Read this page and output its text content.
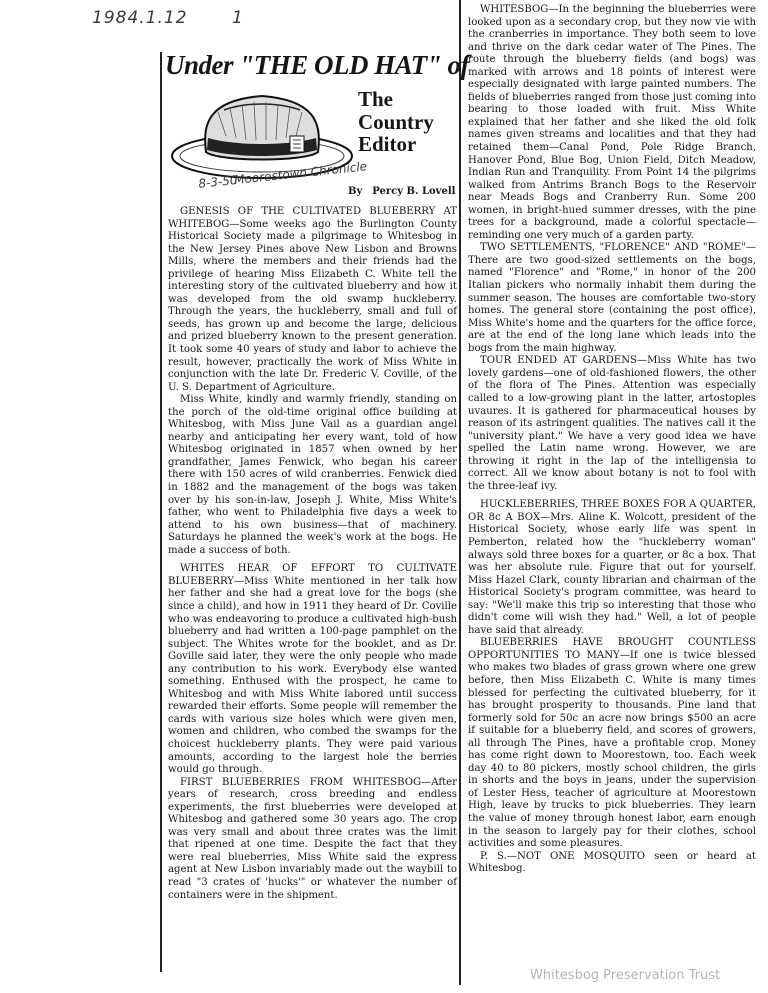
1984.1.12	1
Under "THE OLD HAT" of
The
Country
Editor

By Percy B. Lovell

8-3-50
Moorestown Chronicle

GENESIS OF THE CULTIVATED BLUEBERRY AT WHITEBOG—Some weeks ago the Burlington County Historical Society made a pilgrimage to Whitesbog in the New Jersey Pines above New Lisbon and Browns Mills, where the members and their friends had the privilege of hearing Miss Elizabeth C. White tell the interesting story of the cultivated blueberry and how it was developed from the old swamp huckleberry. Through the years, the huckleberry, small and full of seeds, has grown up and become the large, delicious and prized blueberry known to the present generation. It took some 40 years of study and labor to achieve the result, however, practically the work of Miss White in conjunction with the late Dr. Frederic V. Coville, of the U. S. Department of Agriculture.

Miss White, kindly and warmly friendly, standing on the porch of the old-time original office building at Whitesbog, with Miss June Vail as a guardian angel nearby and anticipating her every want, told of how Whitesbog originated in 1857 when owned by her grandfather, James Fenwick, who began his career there with 150 acres of wild cranberries. Fenwick died in 1882 and the management of the bogs was taken over by his son-in-law, Joseph J. White, Miss White's father, who went to Philadelphia five days a week to attend to his own business—that of machinery. Saturdays he planned the week's work at the bogs. He made a success of both.

WHITES HEAR OF EFFORT TO CULTIVATE BLUEBERRY—Miss White mentioned in her talk how her father and she had a great love for the bogs (she since a child), and how in 1911 they heard of Dr. Coville who was endeavoring to produce a cultivated high-bush blueberry and had written a 100-page pamphlet on the subject. The Whites wrote for the booklet, and as Dr. Goville said later, they were the only people who made any contribution to his work. Everybody else wanted something. Enthused with the prospect, he came to Whitesbog and with Miss White labored until success rewarded their efforts. Some people will remember the cards with various size holes which were given men, women and children, who combed the swamps for the choicest huckleberry plants. They were paid various amounts, according to the largest hole the berries would go through.

FIRST BLUEBERRIES FROM WHITESBOG—After years of research, cross breeding and endless experiments, the first blueberries were developed at Whitesbog and gathered some 30 years ago. The crop was very small and about three crates was the limit that ripened at one time. Despite the fact that they were real blueberries, Miss White said the express agent at New Lisbon invariably made out the waybill to read "3 crates of 'hucks'" or whatever the number of containers were in the shipment.

WHITESBOG—In the beginning the blueberries were looked upon as a secondary crop, but they now vie with the cranberries in importance. They both seem to love and thrive on the dark cedar water of The Pines. The route through the blueberry fields (and bogs) was marked with arrows and 18 points of interest were especially designated with large painted numbers. The fields of blueberries ranged from those just coming into bearing to those loaded with fruit. Miss White explained that her father and she liked the old folk names given streams and localities and that they had retained them—Canal Pond, Pole Ridge Branch, Hanover Pond, Blue Bog, Union Field, Ditch Meadow, Indian Run and Tranquility. From Point 14 the pilgrims walked from Antrims Branch Bogs to the Reservoir near Meads Bogs and Cranberry Run. Some 200 women, in bright-hued summer dresses, with the pine trees for a background, made a colorful spectacle—reminding one very much of a garden party.

TWO SETTLEMENTS, "FLORENCE" AND "ROME"—There are two good-sized settlements on the bogs, named "Florence" and "Rome," in honor of the 200 Italian pickers who normally inhabit them during the summer season. The houses are comfortable two-story homes. The general store (containing the post office), Miss White's home and the quarters for the office force, are at the end of the long lane which leads into the bogs from the main highway.

TOUR ENDED AT GARDENS—Miss White has two lovely gardens—one of old-fashioned flowers, the other of the flora of The Pines. Attention was especially called to a low-growing plant in the latter, artostoples uvaures. It is gathered for pharmaceutical houses by reason of its astringent qualities. The natives call it the "university plant." We have a very good idea we have spelled the Latin name wrong. However, we are throwing it right in the lap of the intelligensia to correct. All we know about botany is not to fool with the three-leaf ivy.

HUCKLEBERRIES, THREE BOXES FOR A QUARTER, OR 8c A BOX—Mrs. Aline K. Wolcott, president of the Historical Society, whose early life was spent in Pemberton, related how the "huckleberry woman" always sold three boxes for a quarter, or 8c a box. That was her absolute rule. Figure that out for yourself. Miss Hazel Clark, county librarian and chairman of the Historical Society's program committee, was heard to say: "We'll make this trip so interesting that those who didn't come will wish they had." Well, a lot of people have said that already.

BLUEBERRIES HAVE BROUGHT COUNTLESS OPPORTUNITIES TO MANY—If one is twice blessed who makes two blades of grass grown where one grew before, then Miss Elizabeth C. White is many times blessed for perfecting the cultivated blueberry, for it has brought prosperity to thousands. Pine land that formerly sold for 50c an acre now brings $500 an acre if suitable for a blueberry field, and scores of growers, all through The Pines, have a profitable crop. Money has come right down to Moorestown, too. Each week day 40 to 80 pickers, mostly school children, the girls in shorts and the boys in jeans, under the supervision of Lester Hess, teacher of agriculture at Moorestown High, leave by trucks to pick blueberries. They learn the value of money through honest labor, earn enough in the season to largely pay for their clothes, school activities and some pleasures.

P. S.—NOT ONE MOSQUITO seen or heard at Whitesbog.

Whitesbog Preservation Trust
